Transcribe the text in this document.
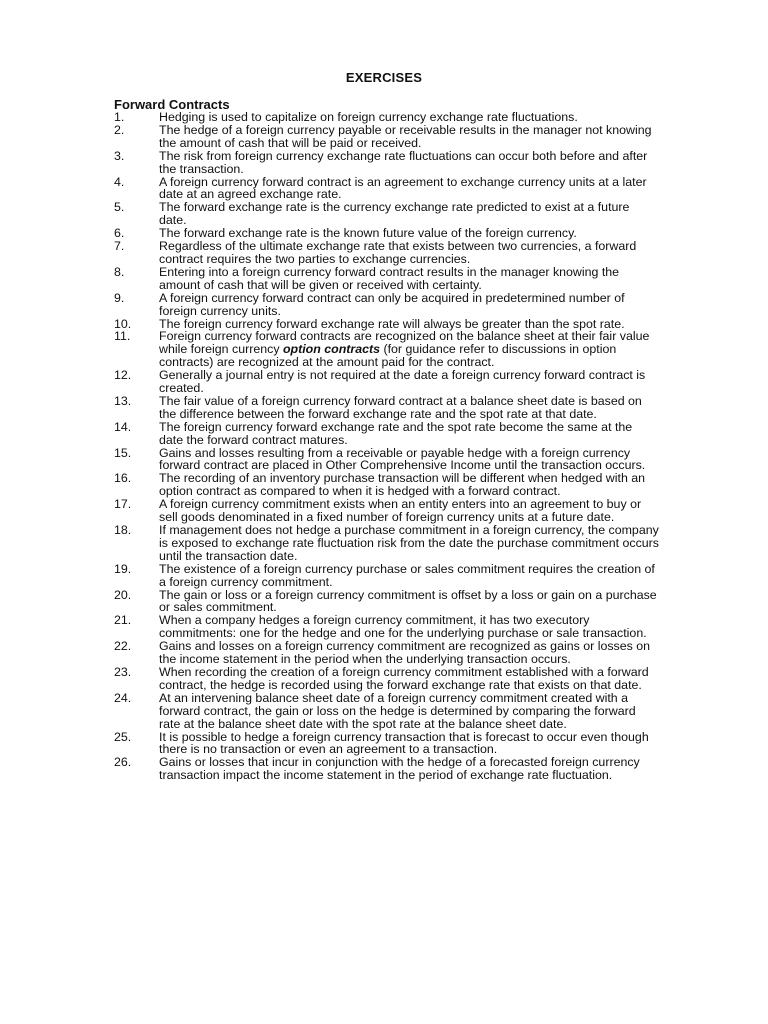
EXERCISES
Forward Contracts
1.	Hedging is used to capitalize on foreign currency exchange rate fluctuations.
2.	The hedge of a foreign currency payable or receivable results in the manager not knowing the amount of cash that will be paid or received.
3.	The risk from foreign currency exchange rate fluctuations can occur both before and after the transaction.
4.	A foreign currency forward contract is an agreement to exchange currency units at a later date at an agreed exchange rate.
5.	The forward exchange rate is the currency exchange rate predicted to exist at a future date.
6.	The forward exchange rate is the known future value of the foreign currency.
7.	Regardless of the ultimate exchange rate that exists between two currencies, a forward contract requires the two parties to exchange currencies.
8.	Entering into a foreign currency forward contract results in the manager knowing the amount of cash that will be given or received with certainty.
9.	A foreign currency forward contract can only be acquired in predetermined number of foreign currency units.
10.	The foreign currency forward exchange rate will always be greater than the spot rate.
11.	Foreign currency forward contracts are recognized on the balance sheet at their fair value while foreign currency option contracts (for guidance refer to discussions in option contracts) are recognized at the amount paid for the contract.
12.	Generally a journal entry is not required at the date a foreign currency forward contract is created.
13.	The fair value of a foreign currency forward contract at a balance sheet date is based on the difference between the forward exchange rate and the spot rate at that date.
14.	The foreign currency forward exchange rate and the spot rate become the same at the date the forward contract matures.
15.	Gains and losses resulting from a receivable or payable hedge with a foreign currency forward contract are placed in Other Comprehensive Income until the transaction occurs.
16.	The recording of an inventory purchase transaction will be different when hedged with an option contract as compared to when it is hedged with a forward contract.
17.	A foreign currency commitment exists when an entity enters into an agreement to buy or sell goods denominated in a fixed number of foreign currency units at a future date.
18.	If management does not hedge a purchase commitment in a foreign currency, the company is exposed to exchange rate fluctuation risk from the date the purchase commitment occurs until the transaction date.
19.	The existence of a foreign currency purchase or sales commitment requires the creation of a foreign currency commitment.
20.	The gain or loss or a foreign currency commitment is offset by a loss or gain on a purchase or sales commitment.
21.	When a company hedges a foreign currency commitment, it has two executory commitments: one for the hedge and one for the underlying purchase or sale transaction.
22.	Gains and losses on a foreign currency commitment are recognized as gains or losses on the income statement in the period when the underlying transaction occurs.
23.	When recording the creation of a foreign currency commitment established with a forward contract, the hedge is recorded using the forward exchange rate that exists on that date.
24.	At an intervening balance sheet date of a foreign currency commitment created with a forward contract, the gain or loss on the hedge is determined by comparing the forward rate at the balance sheet date with the spot rate at the balance sheet date.
25.	It is possible to hedge a foreign currency transaction that is forecast to occur even though there is no transaction or even an agreement to a transaction.
26.	Gains or losses that incur in conjunction with the hedge of a forecasted foreign currency transaction impact the income statement in the period of exchange rate fluctuation.
